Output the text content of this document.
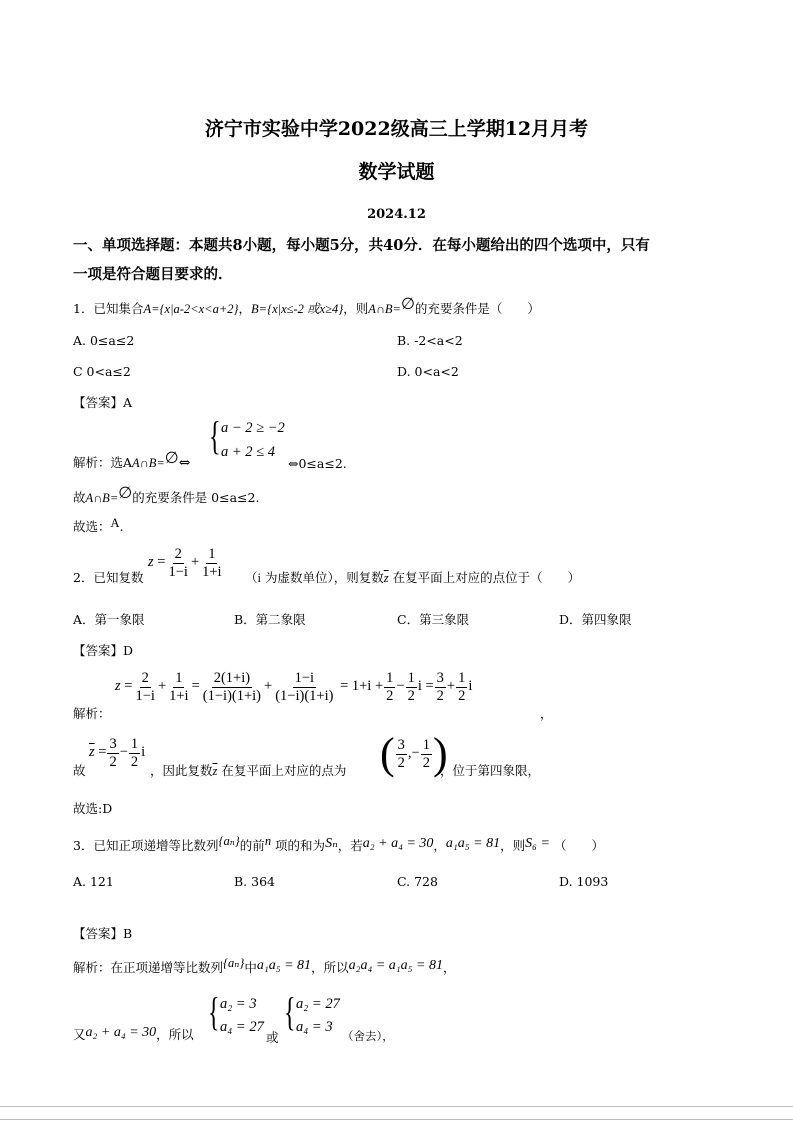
济宁市实验中学2022级高三上学期12月月考
数学试题
2024.12
一、单项选择题：本题共8小题，每小题5分，共40分．在每小题给出的四个选项中，只有
一项是符合题目要求的．
1．已知集合A={x|a-2<x<a+2}，B={x|x≤-2 或x≥4}，则A∩B=∅的充要条件是（　　）
A. 0≤a≤2	B. -2<a<2
C 0<a≤2	D. 0<a<2
【答案】A
解析：选AA∩B=∅⇔
{ a − 2 ≥ −2
a + 2 ≤ 4
⇔0≤a≤2.
故A∩B=∅的充要条件是 0≤a≤2.
故选：A.
2．已知复数
z
= $\frac{2}{1-i} + \frac{1}{1+i} (i$ 为虚数单位），则复数$\overline{z}$ 在复平面上对应的点位于（　　）
A．第一象限	B．第二象限	C．第三象限	D．第四象限
【答案】D
z
= $\frac{2}{1-i} + \frac{1}{1+i} = \frac{2(1+i)}{(1-i)(1+i)} + \frac{1-i}{(1-i)(1+i)}$
= $1+i + \frac{1}{2} - \frac{1}{2}$ i
= $\frac{3}{2} + \frac{1}{2}$ i
解析：	，
故
$\overline{z}$
= $\frac{3}{2} - \frac{1}{2}$ i
，因此复数$\overline{z}$ 在复平面上对应的点为 ( 3
2
, − $\frac{1}{2}$ )
，位于第四象限，
故选:D
3．已知正项递增等比数列{aₙ}的前n 项的和为Sₙ，若a₂ + a₄ = 30，a₁a₅ = 81，则S₆ = （　　）
A. 121	B. 364	C. 728	D. 1093
【答案】B
解析：在正项递增等比数列{aₙ}中a₁a₅ = 81，所以a₂a₄ = a₁a₅ = 81，
又a₂ + a₄ = 30，所以
{ a₂ = 3
a₄ = 27
或
{ a₂ = 27
a₄ = 3
（舍去），
